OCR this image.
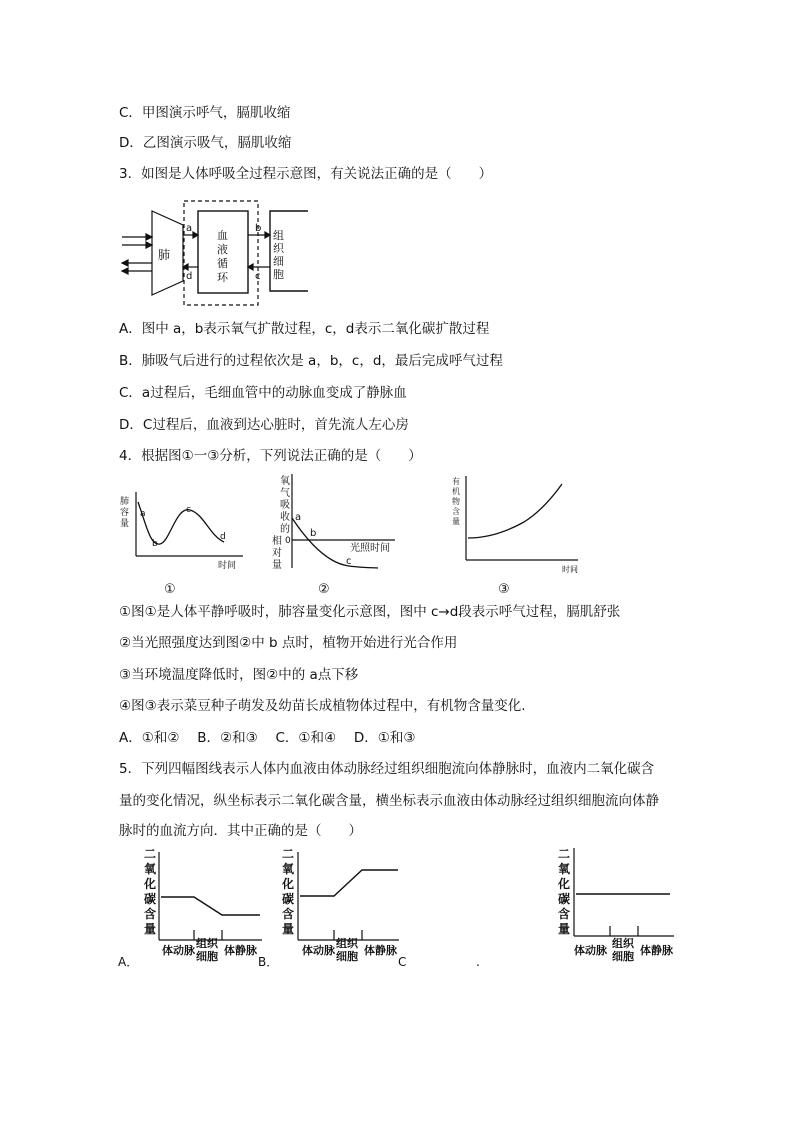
C．甲图演示呼气，膈肌收缩
D．乙图演示吸气，膈肌收缩
3．如图是人体呼吸全过程示意图，有关说法正确的是（　　）
肺
血
液
循
环
组
织
细
胞
a
d
b
c
A．图中 a，b表示氧气扩散过程，c，d表示二氧化碳扩散过程
B．肺吸气后进行的过程依次是 a，b，c，d，最后完成呼气过程
C．a过程后，毛细血管中的动脉血变成了静脉血
D．C过程后，血液到达心脏时，首先流人左心房
4．根据图①一③分析，下列说法正确的是（　　）
肺
容
量
a
b
c
d
时间
①
氧
气
吸
收
的
相
对
量
0
a
b
c
光照时间
②
有
机
物
含
量
时间
③
①图①是人体平静呼吸时，肺容量变化示意图，图中 c→d段表示呼气过程，膈肌舒张
②当光照强度达到图②中 b 点时，植物开始进行光合作用
③当环境温度降低时，图②中的 a点下移
④图③表示菜豆种子萌发及幼苗长成植物体过程中，有机物含量变化.
A．①和②　 B．②和③　 C．①和④　 D．①和③
5．下列四幅图线表示人体内血液由体动脉经过组织细胞流向体静脉时，血液内二氧化碳含
量的变化情况，纵坐标表示二氧化碳含量，横坐标表示血液由体动脉经过组织细胞流向体静
脉时的血流方向．其中正确的是（　　）
二
氧
化
碳
含
量
体动脉
组织
细胞 体静脉
A．
二
氧
化
碳
含
量
体动脉
组织
细胞 体静脉
B．	C	.
二
氧
化
碳
含
量
体动脉
组织
细胞 体静脉
